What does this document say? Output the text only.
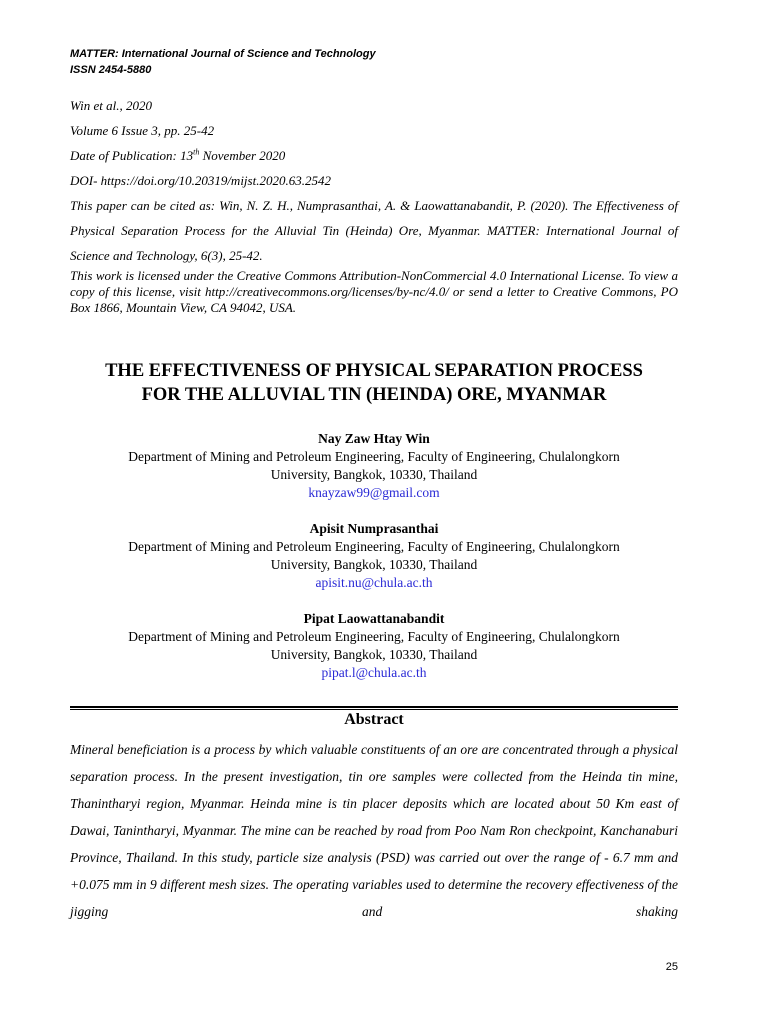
MATTER: International Journal of Science and Technology
ISSN 2454-5880
Win et al., 2020
Volume 6 Issue 3, pp. 25-42
Date of Publication: 13th November 2020
DOI- https://doi.org/10.20319/mijst.2020.63.2542
This paper can be cited as: Win, N. Z. H., Numprasanthai, A. & Laowattanabandit, P. (2020). The Effectiveness of Physical Separation Process for the Alluvial Tin (Heinda) Ore, Myanmar. MATTER: International Journal of Science and Technology, 6(3), 25-42.
This work is licensed under the Creative Commons Attribution-NonCommercial 4.0 International License. To view a copy of this license, visit http://creativecommons.org/licenses/by-nc/4.0/ or send a letter to Creative Commons, PO Box 1866, Mountain View, CA 94042, USA.
THE EFFECTIVENESS OF PHYSICAL SEPARATION PROCESS
FOR THE ALLUVIAL TIN (HEINDA) ORE, MYANMAR
Nay Zaw Htay Win
Department of Mining and Petroleum Engineering, Faculty of Engineering, Chulalongkorn
University, Bangkok, 10330, Thailand
knayzaw99@gmail.com
Apisit Numprasanthai
Department of Mining and Petroleum Engineering, Faculty of Engineering, Chulalongkorn
University, Bangkok, 10330, Thailand
apisit.nu@chula.ac.th
Pipat Laowattanabandit
Department of Mining and Petroleum Engineering, Faculty of Engineering, Chulalongkorn
University, Bangkok, 10330, Thailand
pipat.l@chula.ac.th
Abstract
Mineral beneficiation is a process by which valuable constituents of an ore are concentrated through a physical separation process. In the present investigation, tin ore samples were collected from the Heinda tin mine, Thanintharyi region, Myanmar. Heinda mine is tin placer deposits which are located about 50 Km east of Dawai, Tanintharyi, Myanmar. The mine can be reached by road from Poo Nam Ron checkpoint, Kanchanaburi Province, Thailand. In this study, particle size analysis (PSD) was carried out over the range of - 6.7 mm and +0.075 mm in 9 different mesh sizes. The operating variables used to determine the recovery effectiveness of the jigging and shaking
25
